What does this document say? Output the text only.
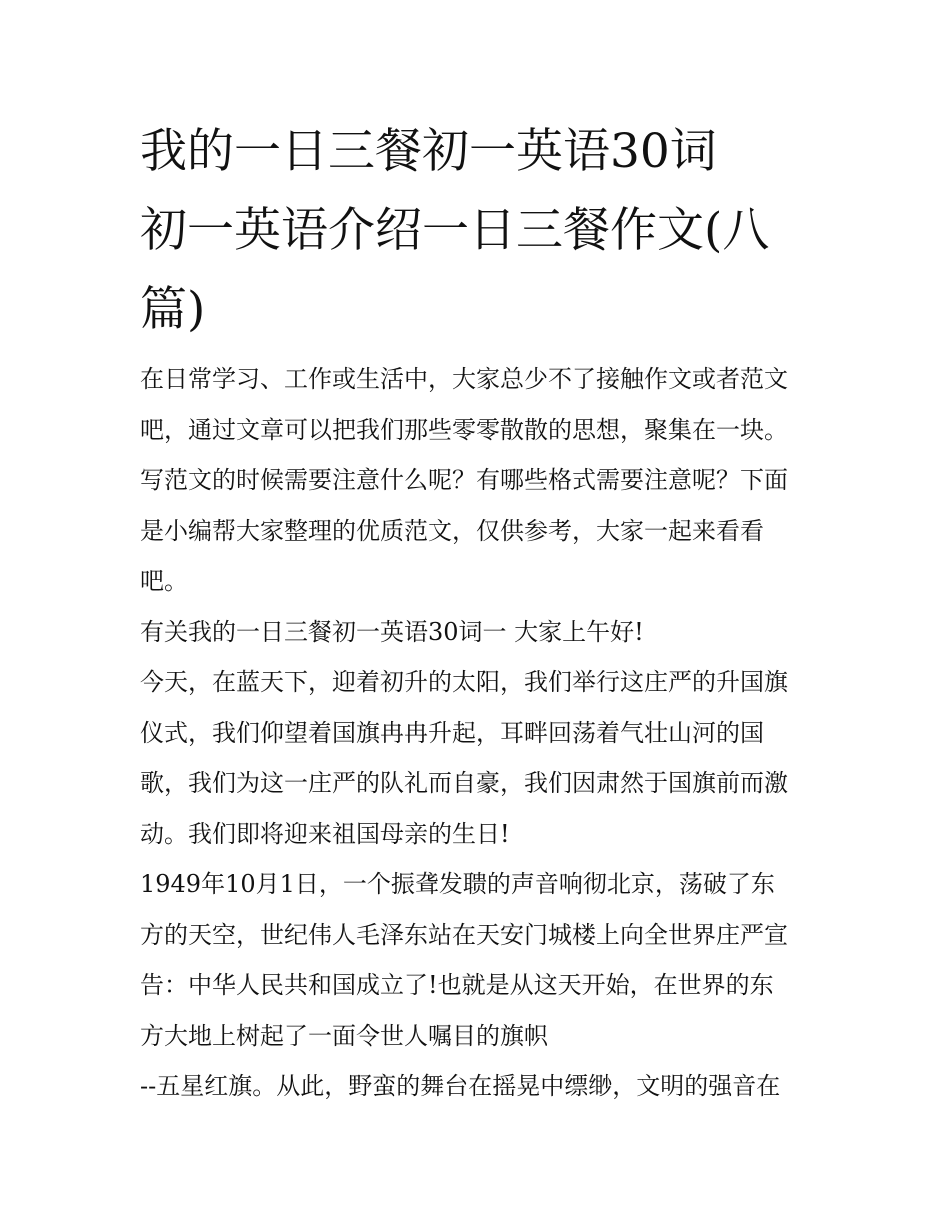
我的一日三餐初一英语30词
初一英语介绍一日三餐作文(八
篇)
在日常学习、工作或生活中，大家总少不了接触作文或者范文
吧，通过文章可以把我们那些零零散散的思想，聚集在一块。
写范文的时候需要注意什么呢？有哪些格式需要注意呢？下面
是小编帮大家整理的优质范文，仅供参考，大家一起来看看
吧。
有关我的一日三餐初一英语30词一 大家上午好!
今天，在蓝天下，迎着初升的太阳，我们举行这庄严的升国旗
仪式，我们仰望着国旗冉冉升起，耳畔回荡着气壮山河的国
歌，我们为这一庄严的队礼而自豪，我们因肃然于国旗前而激
动。我们即将迎来祖国母亲的生日!
1949年10月1日，一个振聋发聩的声音响彻北京，荡破了东
方的天空，世纪伟人毛泽东站在天安门城楼上向全世界庄严宣
告：中华人民共和国成立了!也就是从这天开始，在世界的东
方大地上树起了一面令世人嘱目的旗帜
--五星红旗。从此，野蛮的舞台在摇晃中缥缈，文明的强音在
